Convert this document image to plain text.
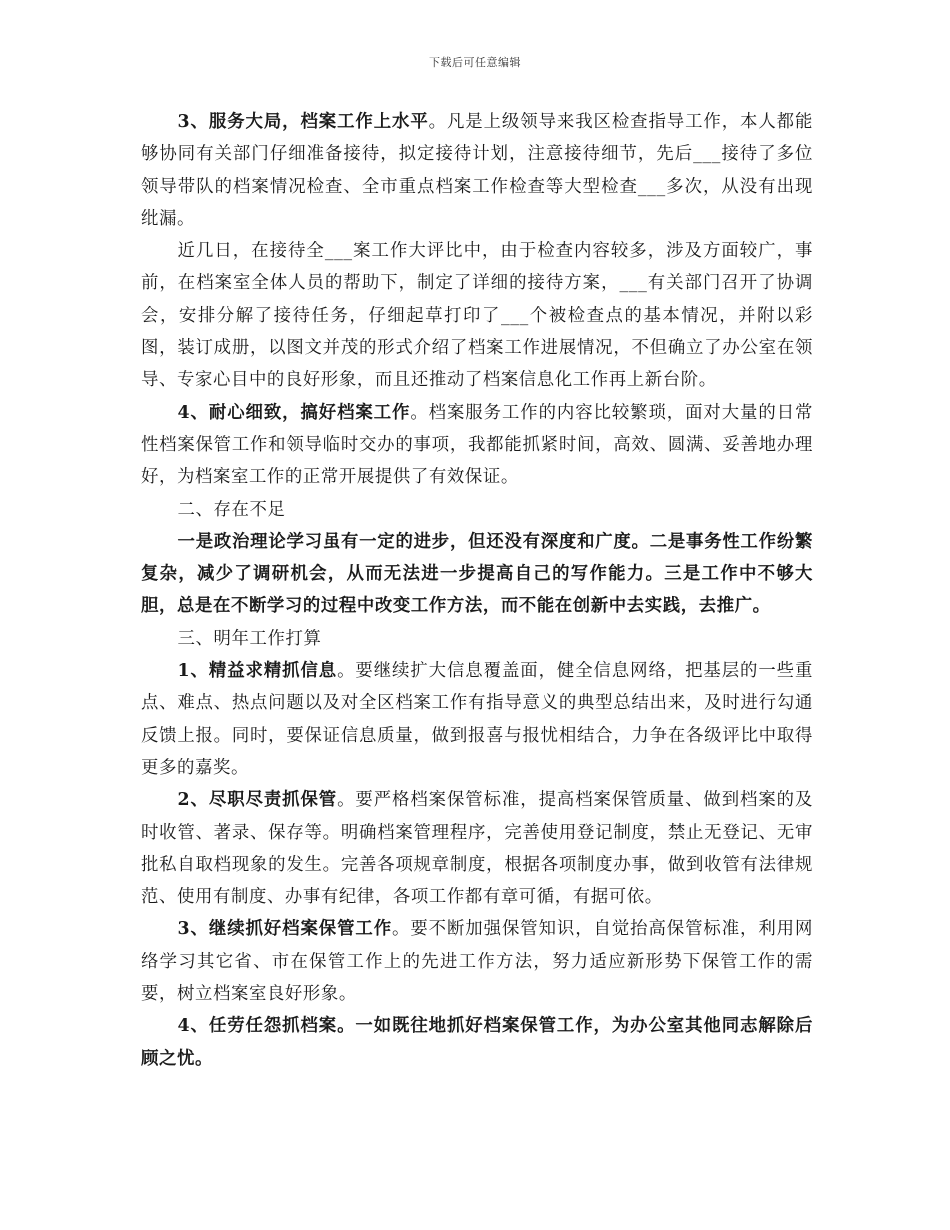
下载后可任意编辑

3、服务大局，档案工作上水平。凡是上级领导来我区检查指导工作，本人都能够协同有关部门仔细准备接待，拟定接待计划，注意接待细节，先后___接待了多位领导带队的档案情况检查、全市重点档案工作检查等大型检查___多次，从没有出现纰漏。

近几日，在接待全___案工作大评比中，由于检查内容较多，涉及方面较广，事前，在档案室全体人员的帮助下，制定了详细的接待方案，___有关部门召开了协调会，安排分解了接待任务，仔细起草打印了___个被检查点的基本情况，并附以彩图，装订成册，以图文并茂的形式介绍了档案工作进展情况，不但确立了办公室在领导、专家心目中的良好形象，而且还推动了档案信息化工作再上新台阶。

4、耐心细致，搞好档案工作。档案服务工作的内容比较繁琐，面对大量的日常性档案保管工作和领导临时交办的事项，我都能抓紧时间，高效、圆满、妥善地办理好，为档案室工作的正常开展提供了有效保证。

二、存在不足

一是政治理论学习虽有一定的进步，但还没有深度和广度。二是事务性工作纷繁复杂，减少了调研机会，从而无法进一步提高自己的写作能力。三是工作中不够大胆，总是在不断学习的过程中改变工作方法，而不能在创新中去实践，去推广。

三、明年工作打算

1、精益求精抓信息。要继续扩大信息覆盖面，健全信息网络，把基层的一些重点、难点、热点问题以及对全区档案工作有指导意义的典型总结出来，及时进行勾通反馈上报。同时，要保证信息质量，做到报喜与报忧相结合，力争在各级评比中取得更多的嘉奖。

2、尽职尽责抓保管。要严格档案保管标准，提高档案保管质量、做到档案的及时收管、著录、保存等。明确档案管理程序，完善使用登记制度，禁止无登记、无审批私自取档现象的发生。完善各项规章制度，根据各项制度办事，做到收管有法律规范、使用有制度、办事有纪律，各项工作都有章可循，有据可依。

3、继续抓好档案保管工作。要不断加强保管知识，自觉抬高保管标准，利用网络学习其它省、市在保管工作上的先进工作方法，努力适应新形势下保管工作的需要，树立档案室良好形象。

4、任劳任怨抓档案。一如既往地抓好档案保管工作，为办公室其他同志解除后顾之忧。
